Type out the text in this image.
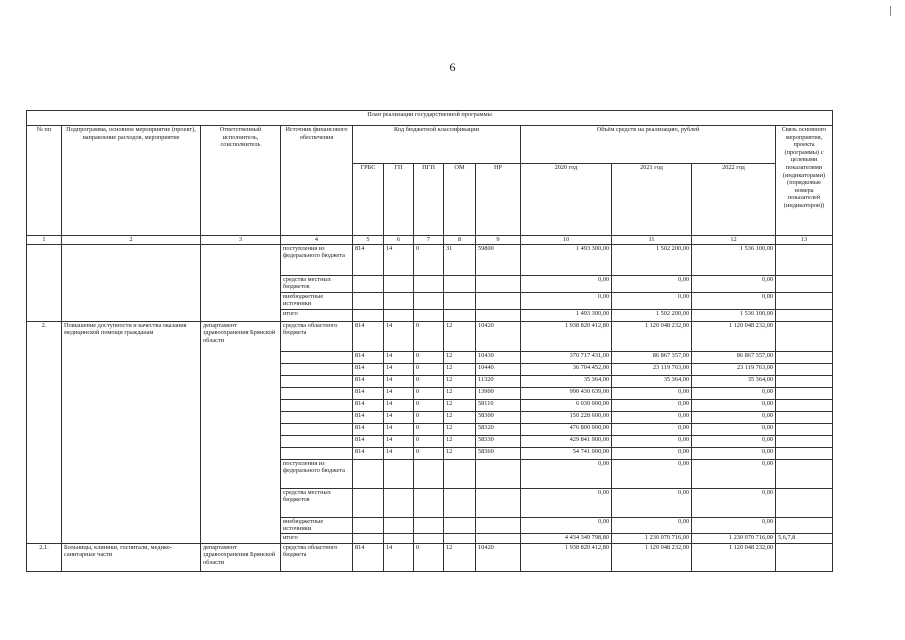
6
План реализации государственной программы												
№ пп	Подпрограмма, основное мероприятие (проект), направление расходов, мероприятие	Ответственный исполнитель, соисполнитель	Источник финансового обеспечения	Код бюджетной классификации					Объём средств на реализацию, рублей			Связь основного мероприятия, проекта (программы) с целевыми показателями (индикаторами) (порядковые номера показателей (индикаторов))
				ГРБС	ГП	ПГП	ОМ	НР	2020 год	2021 год	2022 год	
1	2	3	4	5	6	7	8	9	10	11	12	13
			поступления из федерального бюджета	814	14	0	31	59800	1 493 300,00	1 502 200,00	1 536 100,00	
			средства местных бюджетов						0,00	0,00	0,00	
			внебюджетные источники						0,00	0,00	0,00	
			итого						1 493 300,00	1 502 200,00	1 536 100,00	
2.	Повышение доступности и качества оказания медицинской помощи гражданам	департамент здравоохранения Брянской области	средства областного бюджета	814	14	0	12	10420	1 938 820 412,80	1 120 048 232,00	1 120 048 232,00	
				814	14	0	12	10430	370 717 431,00	86 867 357,00	86 867 357,00	
				814	14	0	12	10440	36 704 452,00	23 119 763,00	23 119 763,00	
				814	14	0	12	11320	35 364,00	35 364,00	35 364,00	
				814	14	0	12	13900	990 430 639,00	0,00	0,00	
				814	14	0	12	58110	6 030 000,00	0,00	0,00	
				814	14	0	12	58300	150 228 600,00	0,00	0,00	
				814	14	0	12	58320	476 800 000,00	0,00	0,00	
				814	14	0	12	58330	429 841 900,00	0,00	0,00	
				814	14	0	12	58360	54 741 000,00	0,00	0,00	
			поступления из федерального бюджета						0,00	0,00	0,00	
			средства местных бюджетов						0,00	0,00	0,00	
			внебюджетные источники						0,00	0,00	0,00	
			итого						4 434 349 798,80	1 230 070 716,00	1 230 070 716,00	5,6,7,8
2.1.	Больницы, клиники, госпитали, медико-санитарные части	департамент здравоохранения Брянской области	средства областного бюджета	814	14	0	12	10420	1 938 820 412,80	1 120 048 232,00	1 120 048 232,00	
